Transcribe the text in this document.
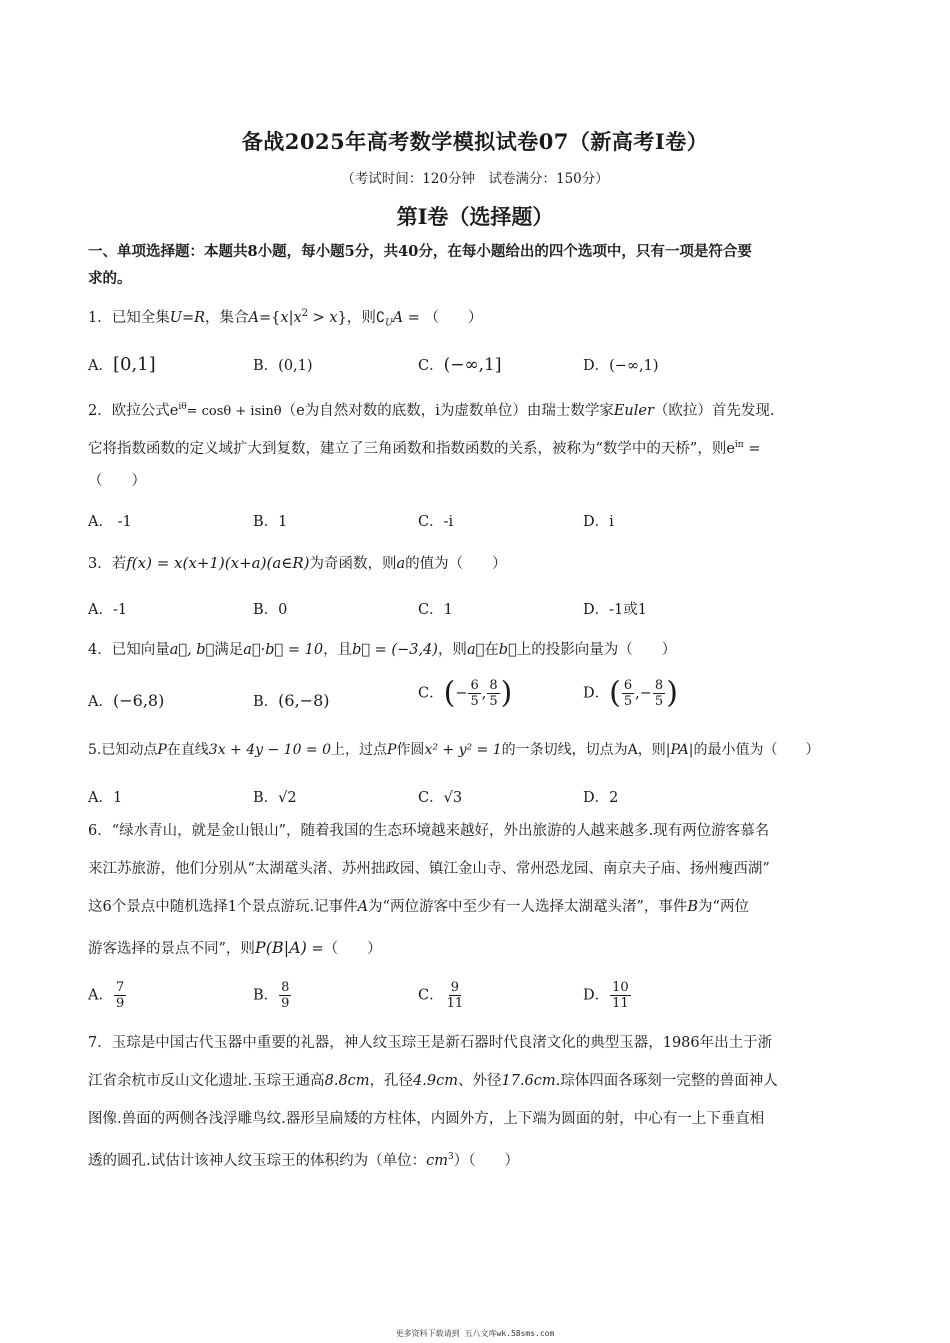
备战2025年高考数学模拟试卷07（新高考Ⅰ卷）
（考试时间：120分钟　试卷满分：150分）
第Ⅰ卷（选择题）
一、单项选择题：本题共8小题，每小题5分，共40分，在每小题给出的四个选项中，只有一项是符合要
求的。
1．已知全集U=R，集合$A=\{x|x^2 > x\}$，则$∁_UA$ = （　　）
A．[0,1]	B．(0,1)	C．(−∞,1]	D．(−∞,1)
2．欧拉公式$e^{i\theta}= \cos\theta + isin\theta(e$为自然对数的底数，i为虚数单位）由瑞士数学家Euler（欧拉）首先发现.
它将指数函数的定义域扩大到复数，建立了三角函数和指数函数的关系，被称为“数学中的天桥”，则$e^{i\pi}$ =
（　　）
A． -1	B．1	C．-i	D．i
3．若f(x) = x(x+1)(x+a)(a∈R)为奇函数，则a的值为（　　）
A．-1	B．0	C．1	D．-1或1
4．已知向量a⃗, b⃗满足a⃗·b⃗ = 10，且b⃗ = (−3,4)，则a⃗在b⃗上的投影向量为（　　）
A．(−6,8)	B．(6,−8)	C．(− $\frac{6}{5}$ , $\frac{8}{5}$ )	D．( $\frac{6}{5}$ ,− $\frac{8}{5}$ )
5.已知动点P在直线3x + 4y − 10 = 0上，过点P作圆x² + y² = 1的一条切线，切点为A，则|PA|的最小值为（　　）
A．1	B．√2	C．√3	D．2
6．“绿水青山，就是金山银山”，随着我国的生态环境越来越好，外出旅游的人越来越多.现有两位游客慕名
来江苏旅游，他们分别从“太湖鼋头渚、苏州拙政园、镇江金山寺、常州恐龙园、南京夫子庙、扬州瘦西湖”
这6个景点中随机选择1个景点游玩.记事件A为“两位游客中至少有一人选择太湖鼋头渚”，事件B为“两位
游客选择的景点不同”，则P(B|A) =（　　）
A． $\frac{7}{9}$	B． $\frac{8}{9}$	C． $\frac{9}{11}$	D． $\frac{10}{11}$
7．玉琮是中国古代玉器中重要的礼器，神人纹玉琮王是新石器时代良渚文化的典型玉器，1986年出土于浙
江省余杭市反山文化遗址.玉琮王通高8.8cm，孔径4.9cm、外径17.6cm.琮体四面各琢刻一完整的兽面神人
图像.兽面的两侧各浅浮雕鸟纹.器形呈扁矮的方柱体，内圆外方，上下端为圆面的射，中心有一上下垂直相
透的圆孔.试估计该神人纹玉琮王的体积约为（单位：$cm^3$）（　　）
更多资料下载请到 五八文库wk.58sms.com
